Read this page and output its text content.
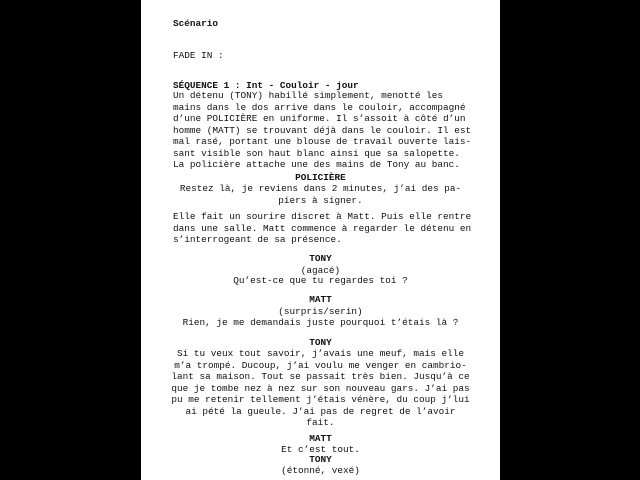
Scénario

FADE IN :

SÉQUENCE 1 : Int - Couloir - jour

Un détenu (TONY) habillé simplement, menotté les

mains dans le dos arrive dans le couloir, accompagné

d’une POLICIÈRE en uniforme. Il s’assoit à côté d’un

homme (MATT) se trouvant déjà dans le couloir. Il est

mal rasé, portant une blouse de travail ouverte lais-

sant visible son haut blanc ainsi que sa salopette.

La policière attache une des mains de Tony au banc.

POLICIÈRE

Restez là, je reviens dans 2 minutes, j’ai des pa-

piers à signer.

Elle fait un sourire discret à Matt. Puis elle rentre

dans une salle. Matt commence à regarder le détenu en

s’interrogeant de sa présence.

TONY

(agacé)

Qu’est-ce que tu regardes toi ?

MATT

(surpris/serin)

Rien, je me demandais juste pourquoi t’étais là ?

TONY

Si tu veux tout savoir, j’avais une meuf, mais elle

m’a trompé. Ducoup, j’ai voulu me venger en cambrio-

lant sa maison. Tout se passait très bien. Jusqu’à ce

que je tombe nez à nez sur son nouveau gars. J’ai pas

pu me retenir tellement j’étais vénère, du coup j’lui

ai pété la gueule. J’ai pas de regret de l’avoir

fait.

MATT

Et c’est tout.

TONY

(étonné, vexé)
